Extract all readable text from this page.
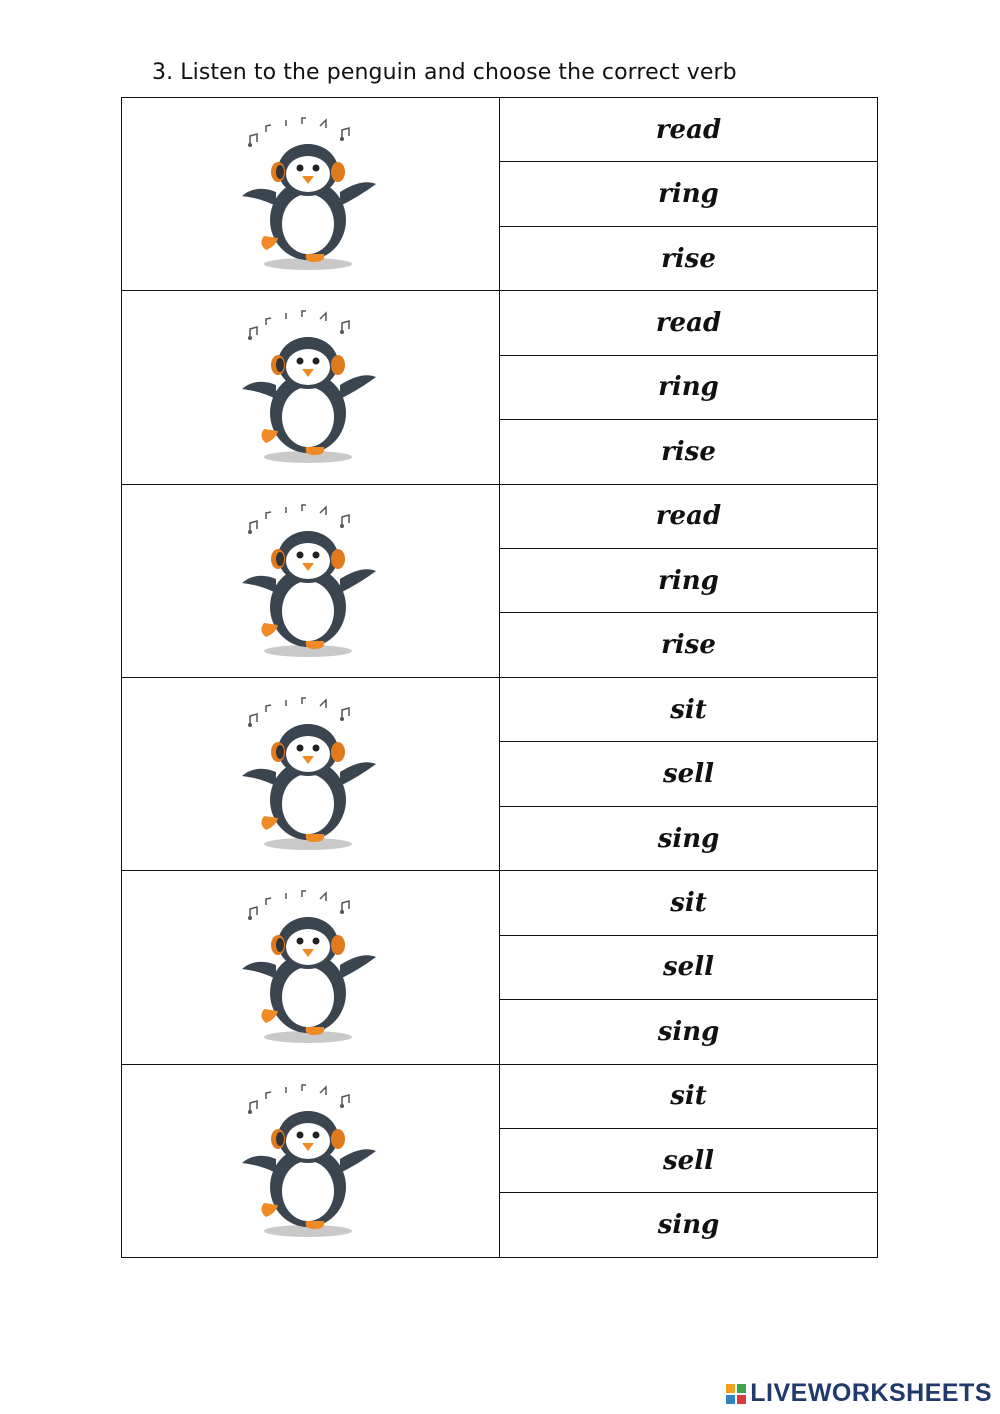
3. Listen to the penguin and choose the correct verb
	read
	ring
	rise

	read
	ring
	rise

	read
	ring
	rise

	sit
	sell
	sing

	sit
	sell
	sing

	sit
	sell
	sing
LIVEWORKSHEETS
